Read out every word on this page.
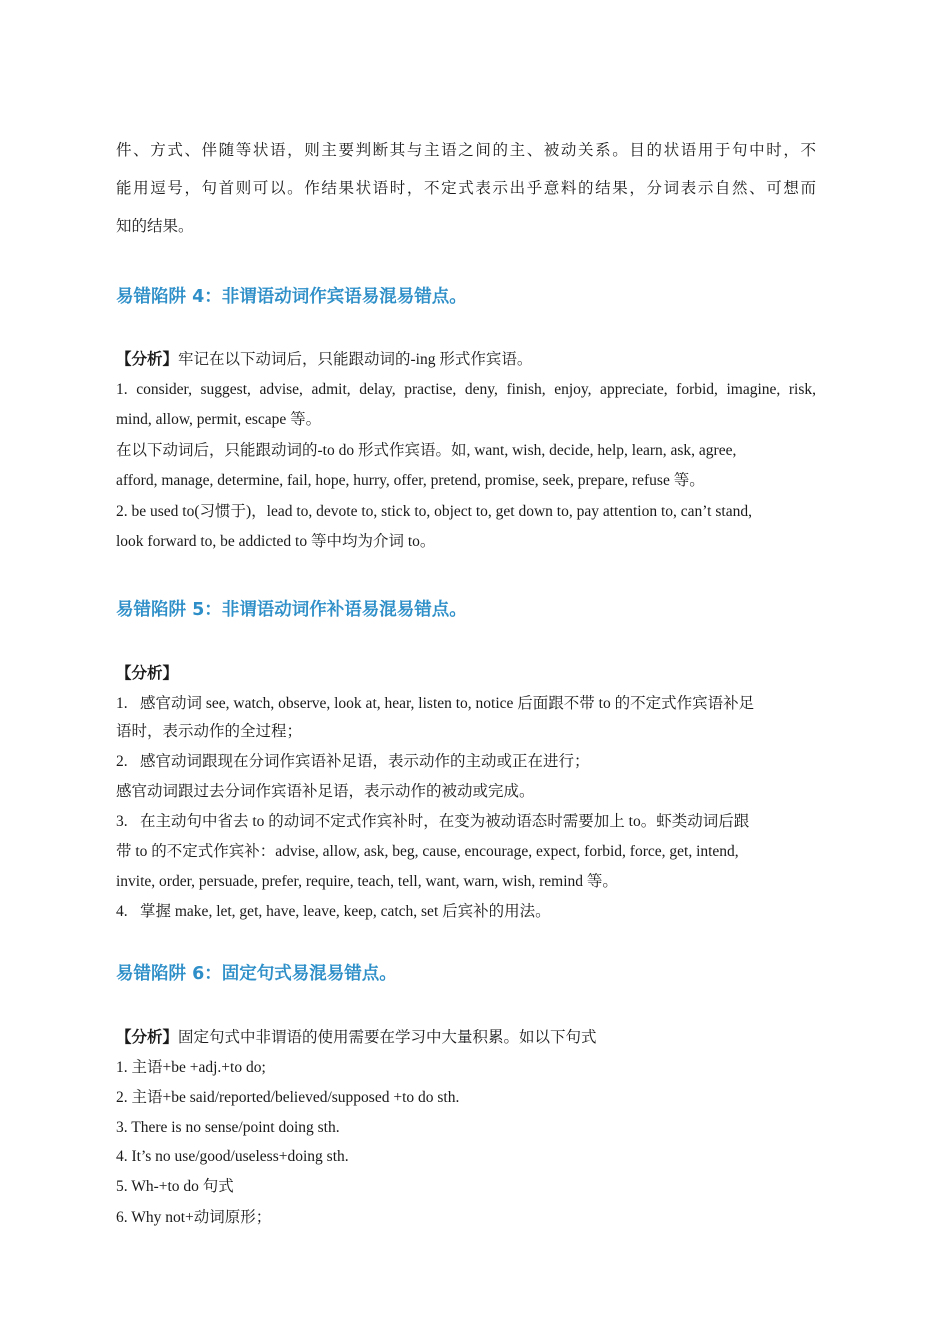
件、方式、伴随等状语，则主要判断其与主语之间的主、被动关系。目的状语用于句中时，不
能用逗号，句首则可以。作结果状语时，不定式表示出乎意料的结果，分词表示自然、可想而
知的结果。
易错陷阱 4：非谓语动词作宾语易混易错点。
【分析】牢记在以下动词后，只能跟动词的-ing 形式作宾语。
1. consider, suggest, advise, admit, delay, practise, deny, finish, enjoy, appreciate, forbid, imagine, risk,
mind, allow, permit, escape 等。
在以下动词后，只能跟动词的-to do 形式作宾语。如, want, wish, decide, help, learn, ask, agree,
afford, manage, determine, fail, hope, hurry, offer, pretend, promise, seek, prepare, refuse 等。
2. be used to(习惯于)，lead to, devote to, stick to, object to, get down to, pay attention to, can’t stand,
look forward to, be addicted to 等中均为介词 to。
易错陷阱 5：非谓语动词作补语易混易错点。
【分析】
1. 感官动词 see, watch, observe, look at, hear, listen to, notice 后面跟不带 to 的不定式作宾语补足
语时，表示动作的全过程；
2. 感官动词跟现在分词作宾语补足语，表示动作的主动或正在进行；
感官动词跟过去分词作宾语补足语，表示动作的被动或完成。
3. 在主动句中省去 to 的动词不定式作宾补时，在变为被动语态时需要加上 to。虾类动词后跟
带 to 的不定式作宾补：advise, allow, ask, beg, cause, encourage, expect, forbid, force, get, intend,
invite, order, persuade, prefer, require, teach, tell, want, warn, wish, remind 等。
4. 掌握 make, let, get, have, leave, keep, catch, set 后宾补的用法。
易错陷阱 6：固定句式易混易错点。
【分析】固定句式中非谓语的使用需要在学习中大量积累。如以下句式
1. 主语+be +adj.+to do;
2. 主语+be said/reported/believed/supposed +to do sth.
3. There is no sense/point doing sth.
4. It’s no use/good/useless+doing sth.
5. Wh-+to do 句式
6. Why not+动词原形；
